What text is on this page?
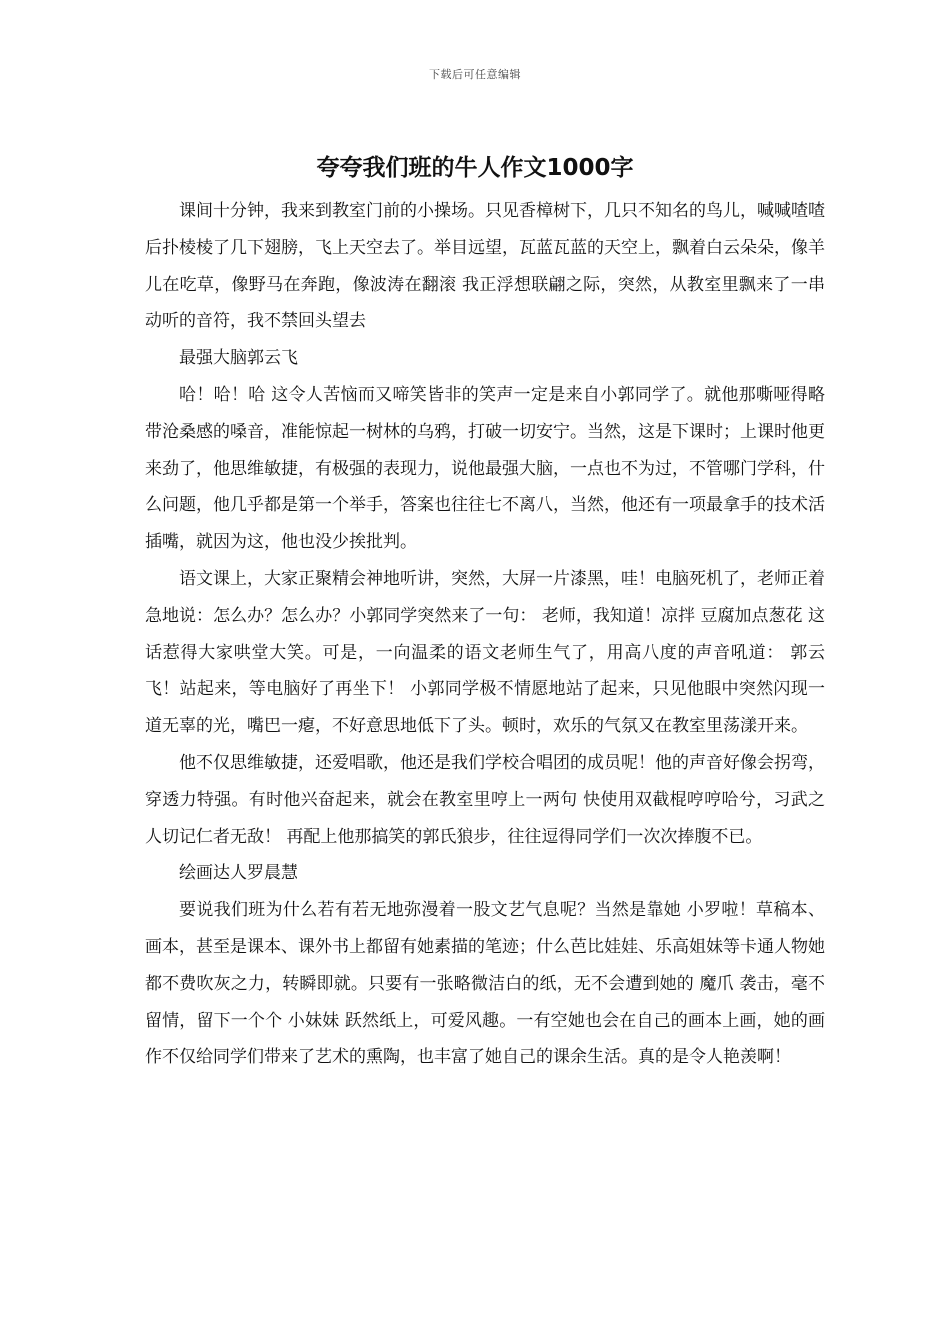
下载后可任意编辑
夸夸我们班的牛人作文1000字

课间十分钟，我来到教室门前的小操场。只见香樟树下，几只不知名的鸟儿，喊喊喳喳后扑棱棱了几下翅膀，飞上天空去了。举目远望，瓦蓝瓦蓝的天空上，飘着白云朵朵，像羊儿在吃草，像野马在奔跑，像波涛在翻滚 我正浮想联翩之际，突然，从教室里飘来了一串动听的音符，我不禁回头望去

最强大脑郭云飞

哈！哈！哈 这令人苦恼而又啼笑皆非的笑声一定是来自小郭同学了。就他那嘶哑得略带沧桑感的嗓音，准能惊起一树林的乌鸦，打破一切安宁。当然，这是下课时；上课时他更来劲了，他思维敏捷，有极强的表现力，说他最强大脑，一点也不为过，不管哪门学科，什么问题，他几乎都是第一个举手，答案也往往七不离八，当然，他还有一项最拿手的技术活 插嘴，就因为这，他也没少挨批判。

语文课上，大家正聚精会神地听讲，突然，大屏一片漆黑，哇！电脑死机了，老师正着急地说：怎么办？怎么办？小郭同学突然来了一句： 老师，我知道！凉拌 豆腐加点葱花 这话惹得大家哄堂大笑。可是，一向温柔的语文老师生气了，用高八度的声音吼道： 郭云飞！站起来，等电脑好了再坐下！ 小郭同学极不情愿地站了起来，只见他眼中突然闪现一道无辜的光，嘴巴一瘪，不好意思地低下了头。顿时，欢乐的气氛又在教室里荡漾开来。

他不仅思维敏捷，还爱唱歌，他还是我们学校合唱团的成员呢！他的声音好像会拐弯，穿透力特强。有时他兴奋起来，就会在教室里哼上一两句 快使用双截棍哼哼哈兮，习武之人切记仁者无敌！ 再配上他那搞笑的郭氏狼步，往往逗得同学们一次次捧腹不已。

绘画达人罗晨慧

要说我们班为什么若有若无地弥漫着一股文艺气息呢？当然是靠她 小罗啦！草稿本、画本，甚至是课本、课外书上都留有她素描的笔迹；什么芭比娃娃、乐高姐妹等卡通人物她都不费吹灰之力，转瞬即就。只要有一张略微洁白的纸，无不会遭到她的 魔爪 袭击，毫不留情，留下一个个 小妹妹 跃然纸上，可爱风趣。一有空她也会在自己的画本上画，她的画作不仅给同学们带来了艺术的熏陶，也丰富了她自己的课余生活。真的是令人艳羡啊！
